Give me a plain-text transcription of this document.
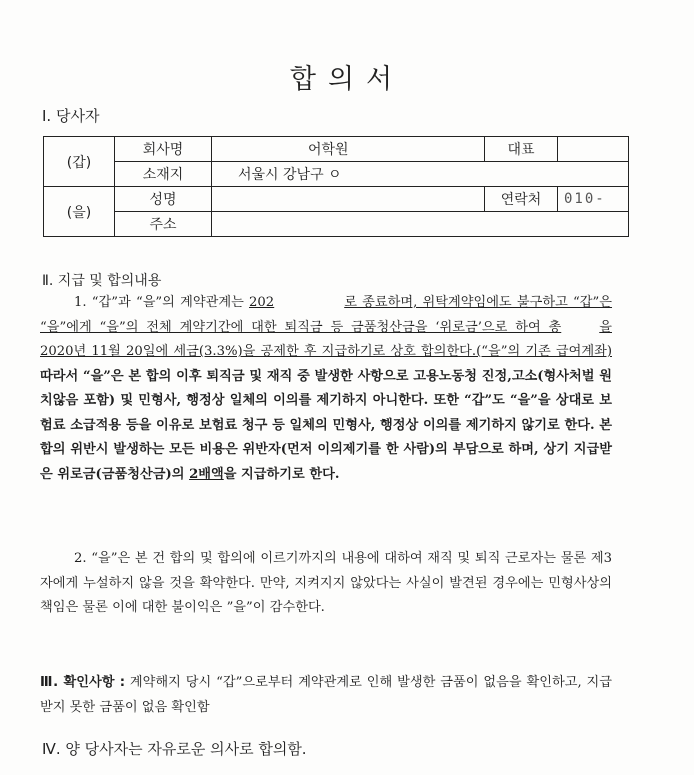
합의서
Ⅰ. 당사자
(갑)	회사명	어학원	대표	
	소재지	서울시 강남구 ㅇ		
(을)	성명		연락처	010-
	주소			
Ⅱ. 지급 및 합의내용
1. “갑”과 “을”의 계약관계는 202	로 종료하며, 위탁계약임에도 불구하고 “갑”은 “을”에게 “을”의 전체 계약기간에 대한 퇴직금 등 금품청산금을 ‘위로금’으로 하여 총	을 2020년 11월 20일에 세금(3.3%)을 공제한 후 지급하기로 상호 합의한다.(“을”의 기존 급여계좌) 따라서 “을”은 본 합의 이후 퇴직금 및 재직 중 발생한 사항으로 고용노동청 진정,고소(형사처벌 원치않음 포함) 및 민형사, 행정상 일체의 이의를 제기하지 아니한다. 또한 “갑”도 “을”을 상대로 보험료 소급적용 등을 이유로 보험료 청구 등 일체의 민형사, 행정상 이의를 제기하지 않기로 한다. 본 합의 위반시 발생하는 모든 비용은 위반자(먼저 이의제기를 한 사람)의 부담으로 하며, 상기 지급받은 위로금(금품청산금)의 2배액을 지급하기로 한다.
2. “을”은 본 건 합의 및 합의에 이르기까지의 내용에 대하여 재직 및 퇴직 근로자는 물론 제3자에게 누설하지 않을 것을 확약한다. 만약, 지켜지지 않았다는 사실이 발견된 경우에는 민형사상의 책임은 물론 이에 대한 불이익은 ”을”이 감수한다.
Ⅲ. 확인사항 : 계약해지 당시 “갑”으로부터 계약관계로 인해 발생한 금품이 없음을 확인하고, 지급받지 못한 금품이 없음 확인함
Ⅳ. 양 당사자는 자유로운 의사로 합의함.
